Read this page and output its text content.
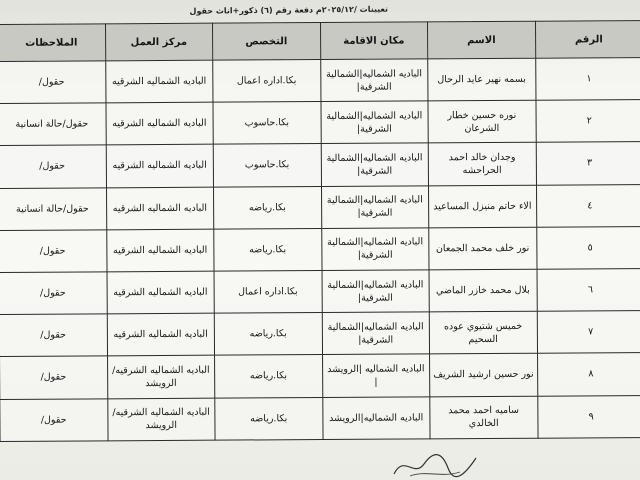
تعيينات /٢٠٢٥/١٢م دفعة رقم (٦) ذكور+اناث حقول
الرقم	الاسم	مكان الاقامة	التخصص	مركز العمل	الملاحظات
١	بسمه نهير عايد الرحال	الباديه الشماليه|الشمالية الشرقية|	بكا.اداره اعمال	الباديه الشماليه الشرقيه	حقول/
٢	نوره حسين خطار الشرعان	الباديه الشماليه|الشمالية الشرقية|	بكا.حاسوب	الباديه الشماليه الشرقيه	حقول/حالة انسانية
٣	وجدان خالد احمد الحراحشه	الباديه الشماليه|الشمالية الشرقية|	بكا.حاسوب	الباديه الشماليه الشرقيه	حقول/
٤	الاء حاتم منيزل المساعيد	الباديه الشماليه|الشمالية الشرقية|	بكا.رياضه	الباديه الشماليه الشرقيه	حقول/حالة انسانية
٥	نور خلف محمد الجمعان	الباديه الشماليه|الشمالية الشرقية|	بكا.رياضه	الباديه الشماليه الشرقيه	حقول/
٦	بلال محمد خازر الماضي	الباديه الشماليه|الشمالية الشرقية|	بكا.اداره اعمال	الباديه الشماليه الشرقيه	حقول/
٧	خميس شتيوي عوده السحيم	الباديه الشماليه|الشمالية الشرقية|	بكا.رياضه	الباديه الشماليه الشرقيه	حقول/
٨	نور حسين ارشيد الشريف	الباديه الشماليه |الرويشد |	بكا.رياضه	الباديه الشماليه الشرقيه/الرويشد	حقول/
٩	ساميه احمد محمد الخالدي	الباديه الشماليه|الرويشد	بكا.رياضه	الباديه الشماليه الشرقيه/الرويشد	حقول/
